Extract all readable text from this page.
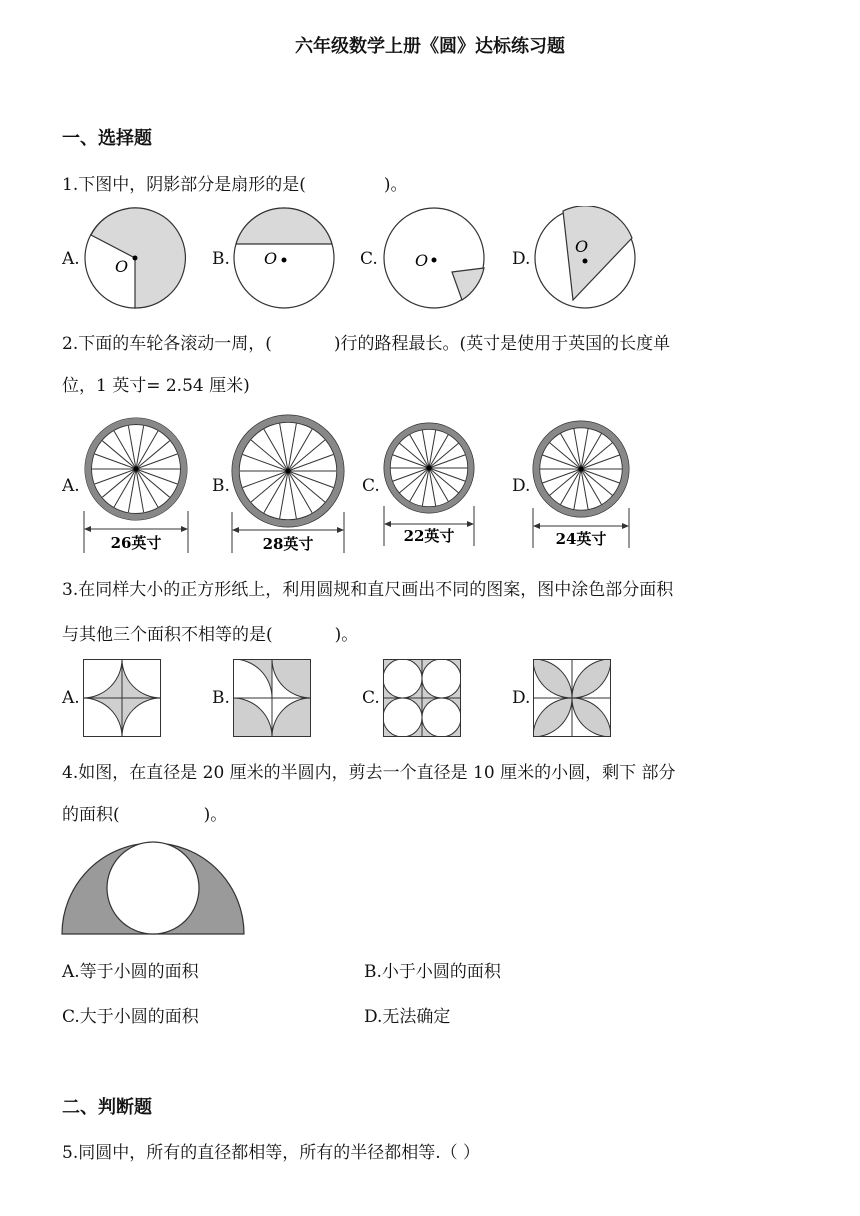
六年级数学上册《圆》达标练习题
一、选择题
1.下图中，阴影部分是扇形的是(	)。
A.	B.	C.	D.
O	O	O
O
2.下面的车轮各滚动一周，(	)行的路程最长。(英寸是使用于英国的长度单
位，1 英寸= 2.54 厘米)
A.	B.	C.	D.
26英寸	28英寸	22英寸	24英寸
3.在同样大小的正方形纸上，利用圆规和直尺画出不同的图案，图中涂色部分面积
与其他三个面积不相等的是(	)。
A.	B.	C.	D.
4.如图，在直径是 20 厘米的半圆内，剪去一个直径是 10 厘米的小圆，剩下 部分
的面积(	)。
A.等于小圆的面积	B.小于小圆的面积
C.大于小圆的面积	D.无法确定
二、判断题
5.同圆中，所有的直径都相等，所有的半径都相等.（ ）
